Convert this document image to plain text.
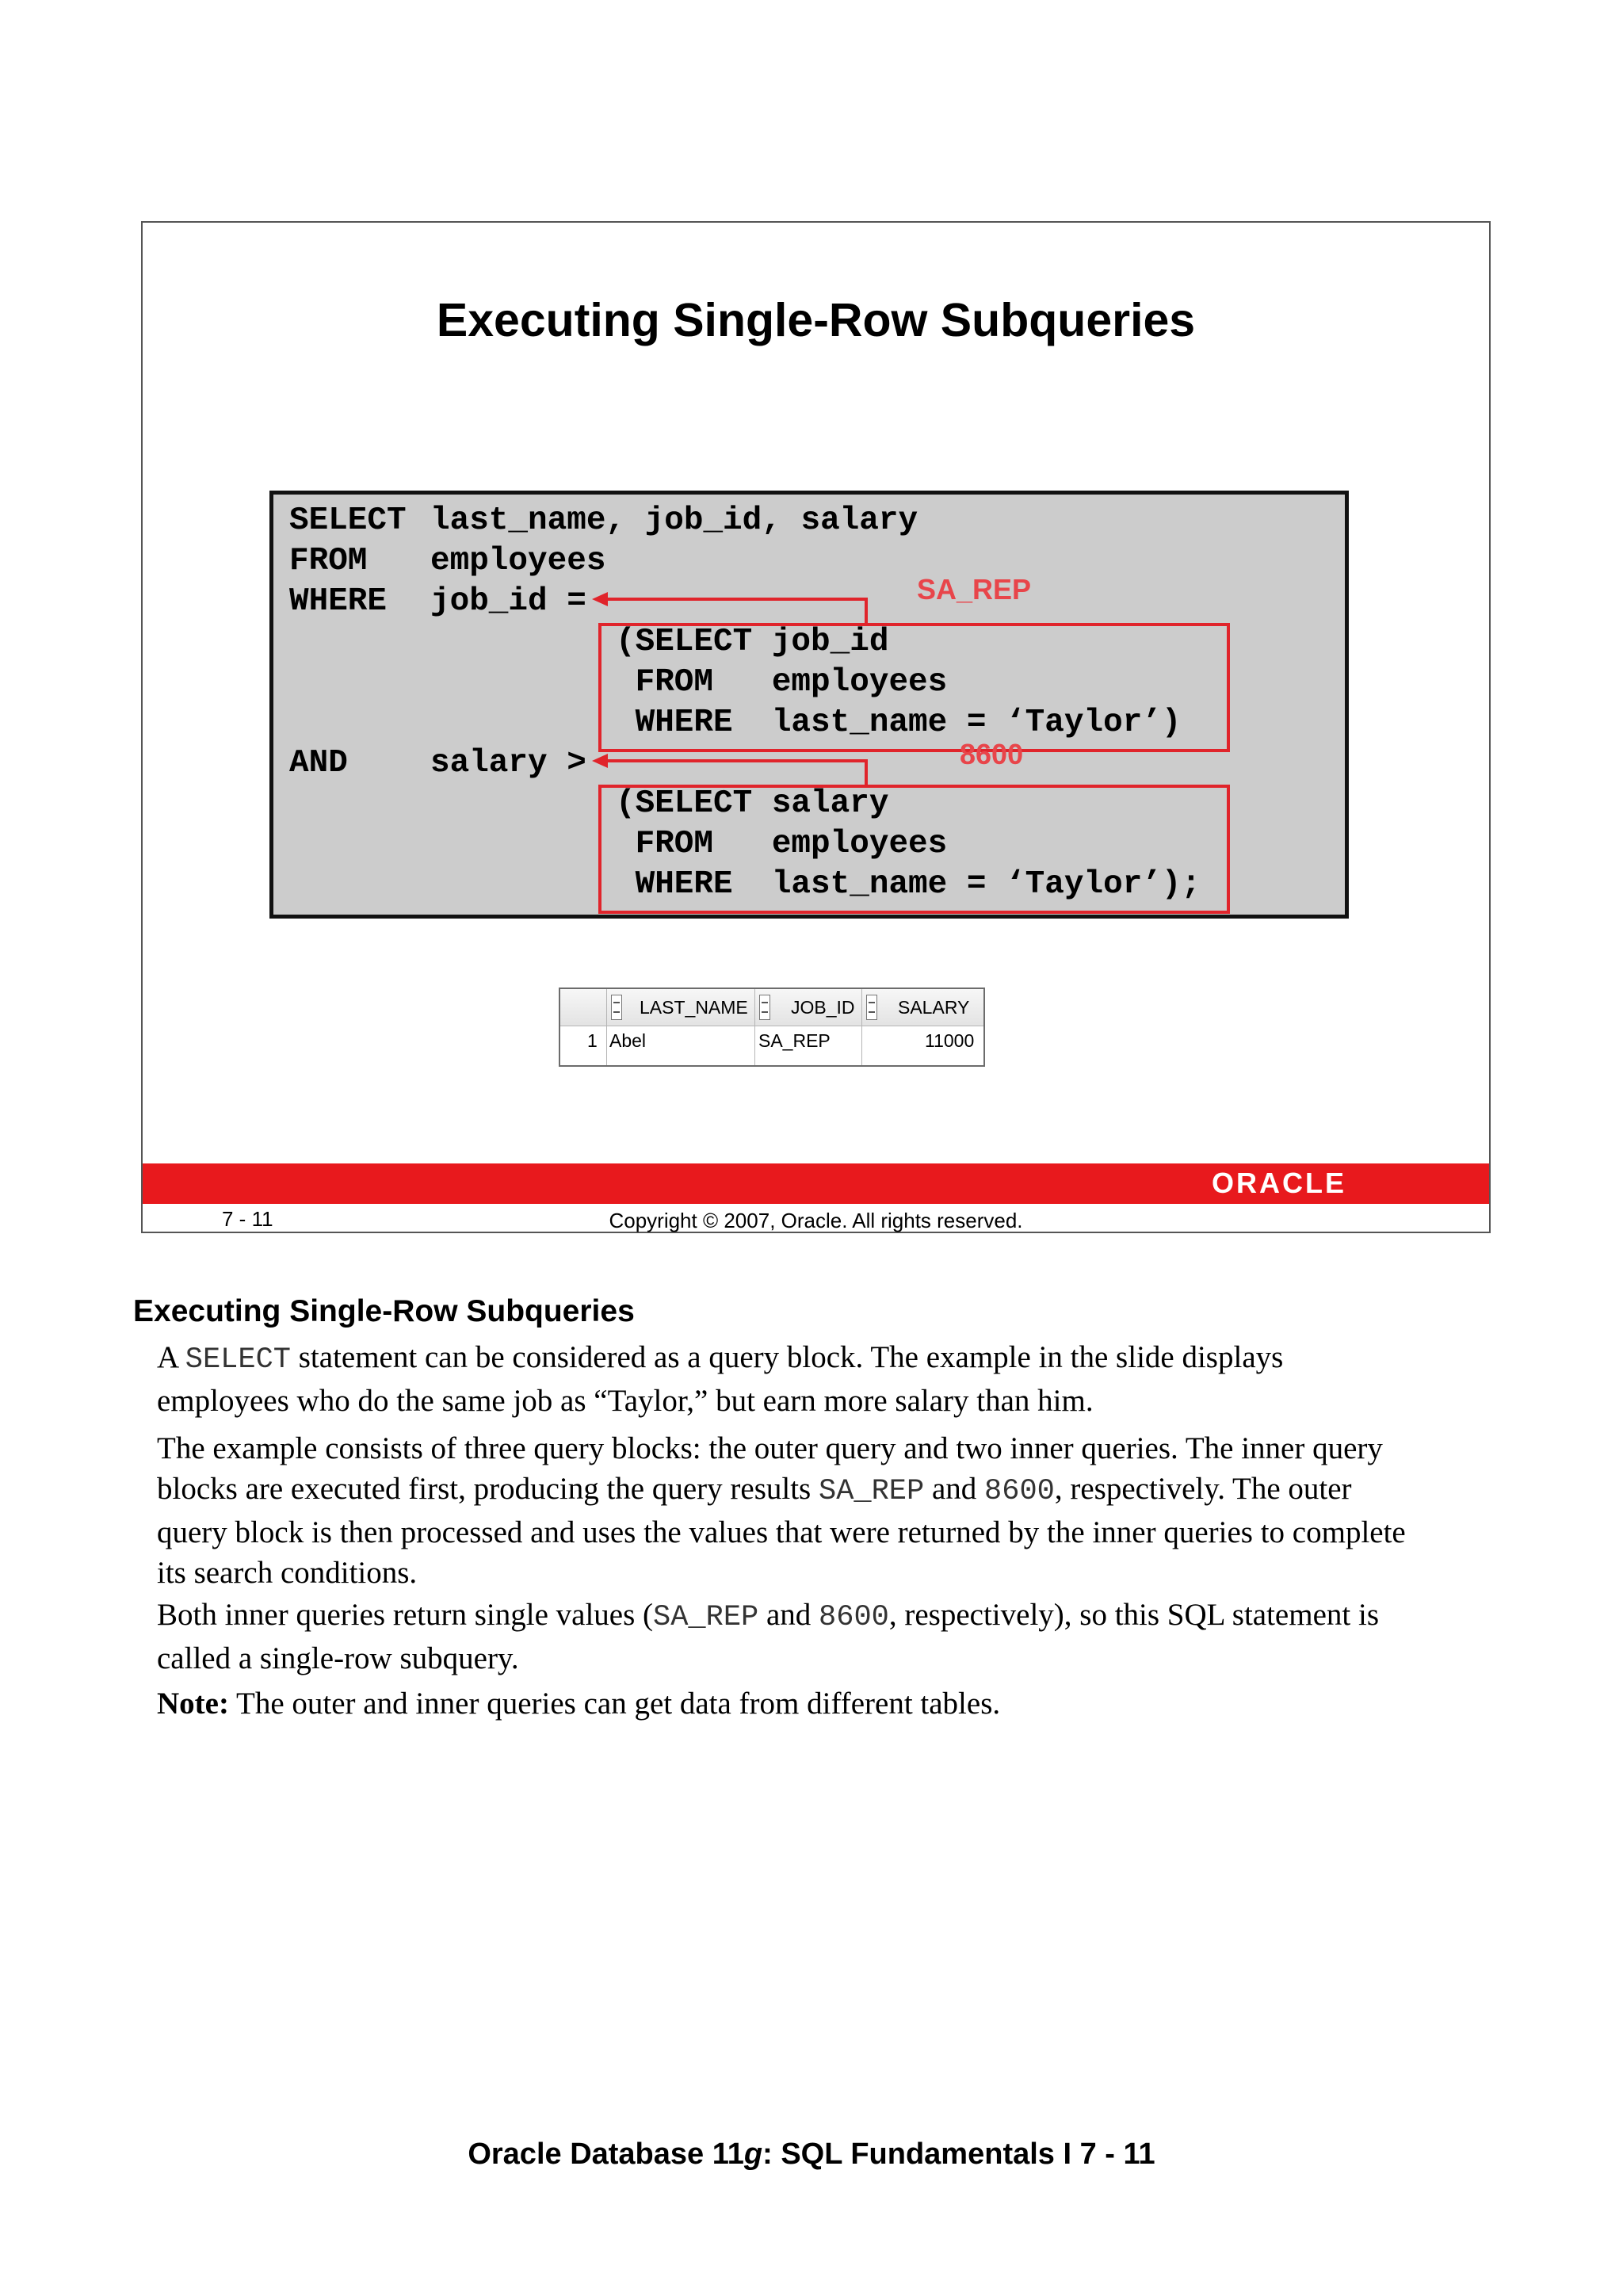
Executing Single-Row Subqueries
SELECT last_name, job_id, salary
FROM employees
WHERE job_id =
(SELECT job_id
FROM   employees
WHERE  last_name = ‘Taylor’)
AND	salary >
(SELECT salary
FROM   employees
WHERE  last_name = ‘Taylor’);
SA_REP
8600
LAST_NAME JOB_ID SALARY
1 Abel	SA_REP	11000
ORACLE
7 - 11	Copyright © 2007, Oracle. All rights reserved.
Executing Single-Row Subqueries
A SELECT statement can be considered as a query block. The example in the slide displays
employees who do the same job as “Taylor,” but earn more salary than him.
The example consists of three query blocks: the outer query and two inner queries. The inner query
blocks are executed first, producing the query results SA_REP and 8600, respectively. The outer
query block is then processed and uses the values that were returned by the inner queries to complete
its search conditions.
Both inner queries return single values (SA_REP and 8600, respectively), so this SQL statement is
called a single-row subquery.
Note: The outer and inner queries can get data from different tables.
Oracle Database 11g: SQL Fundamentals I 7 - 11
